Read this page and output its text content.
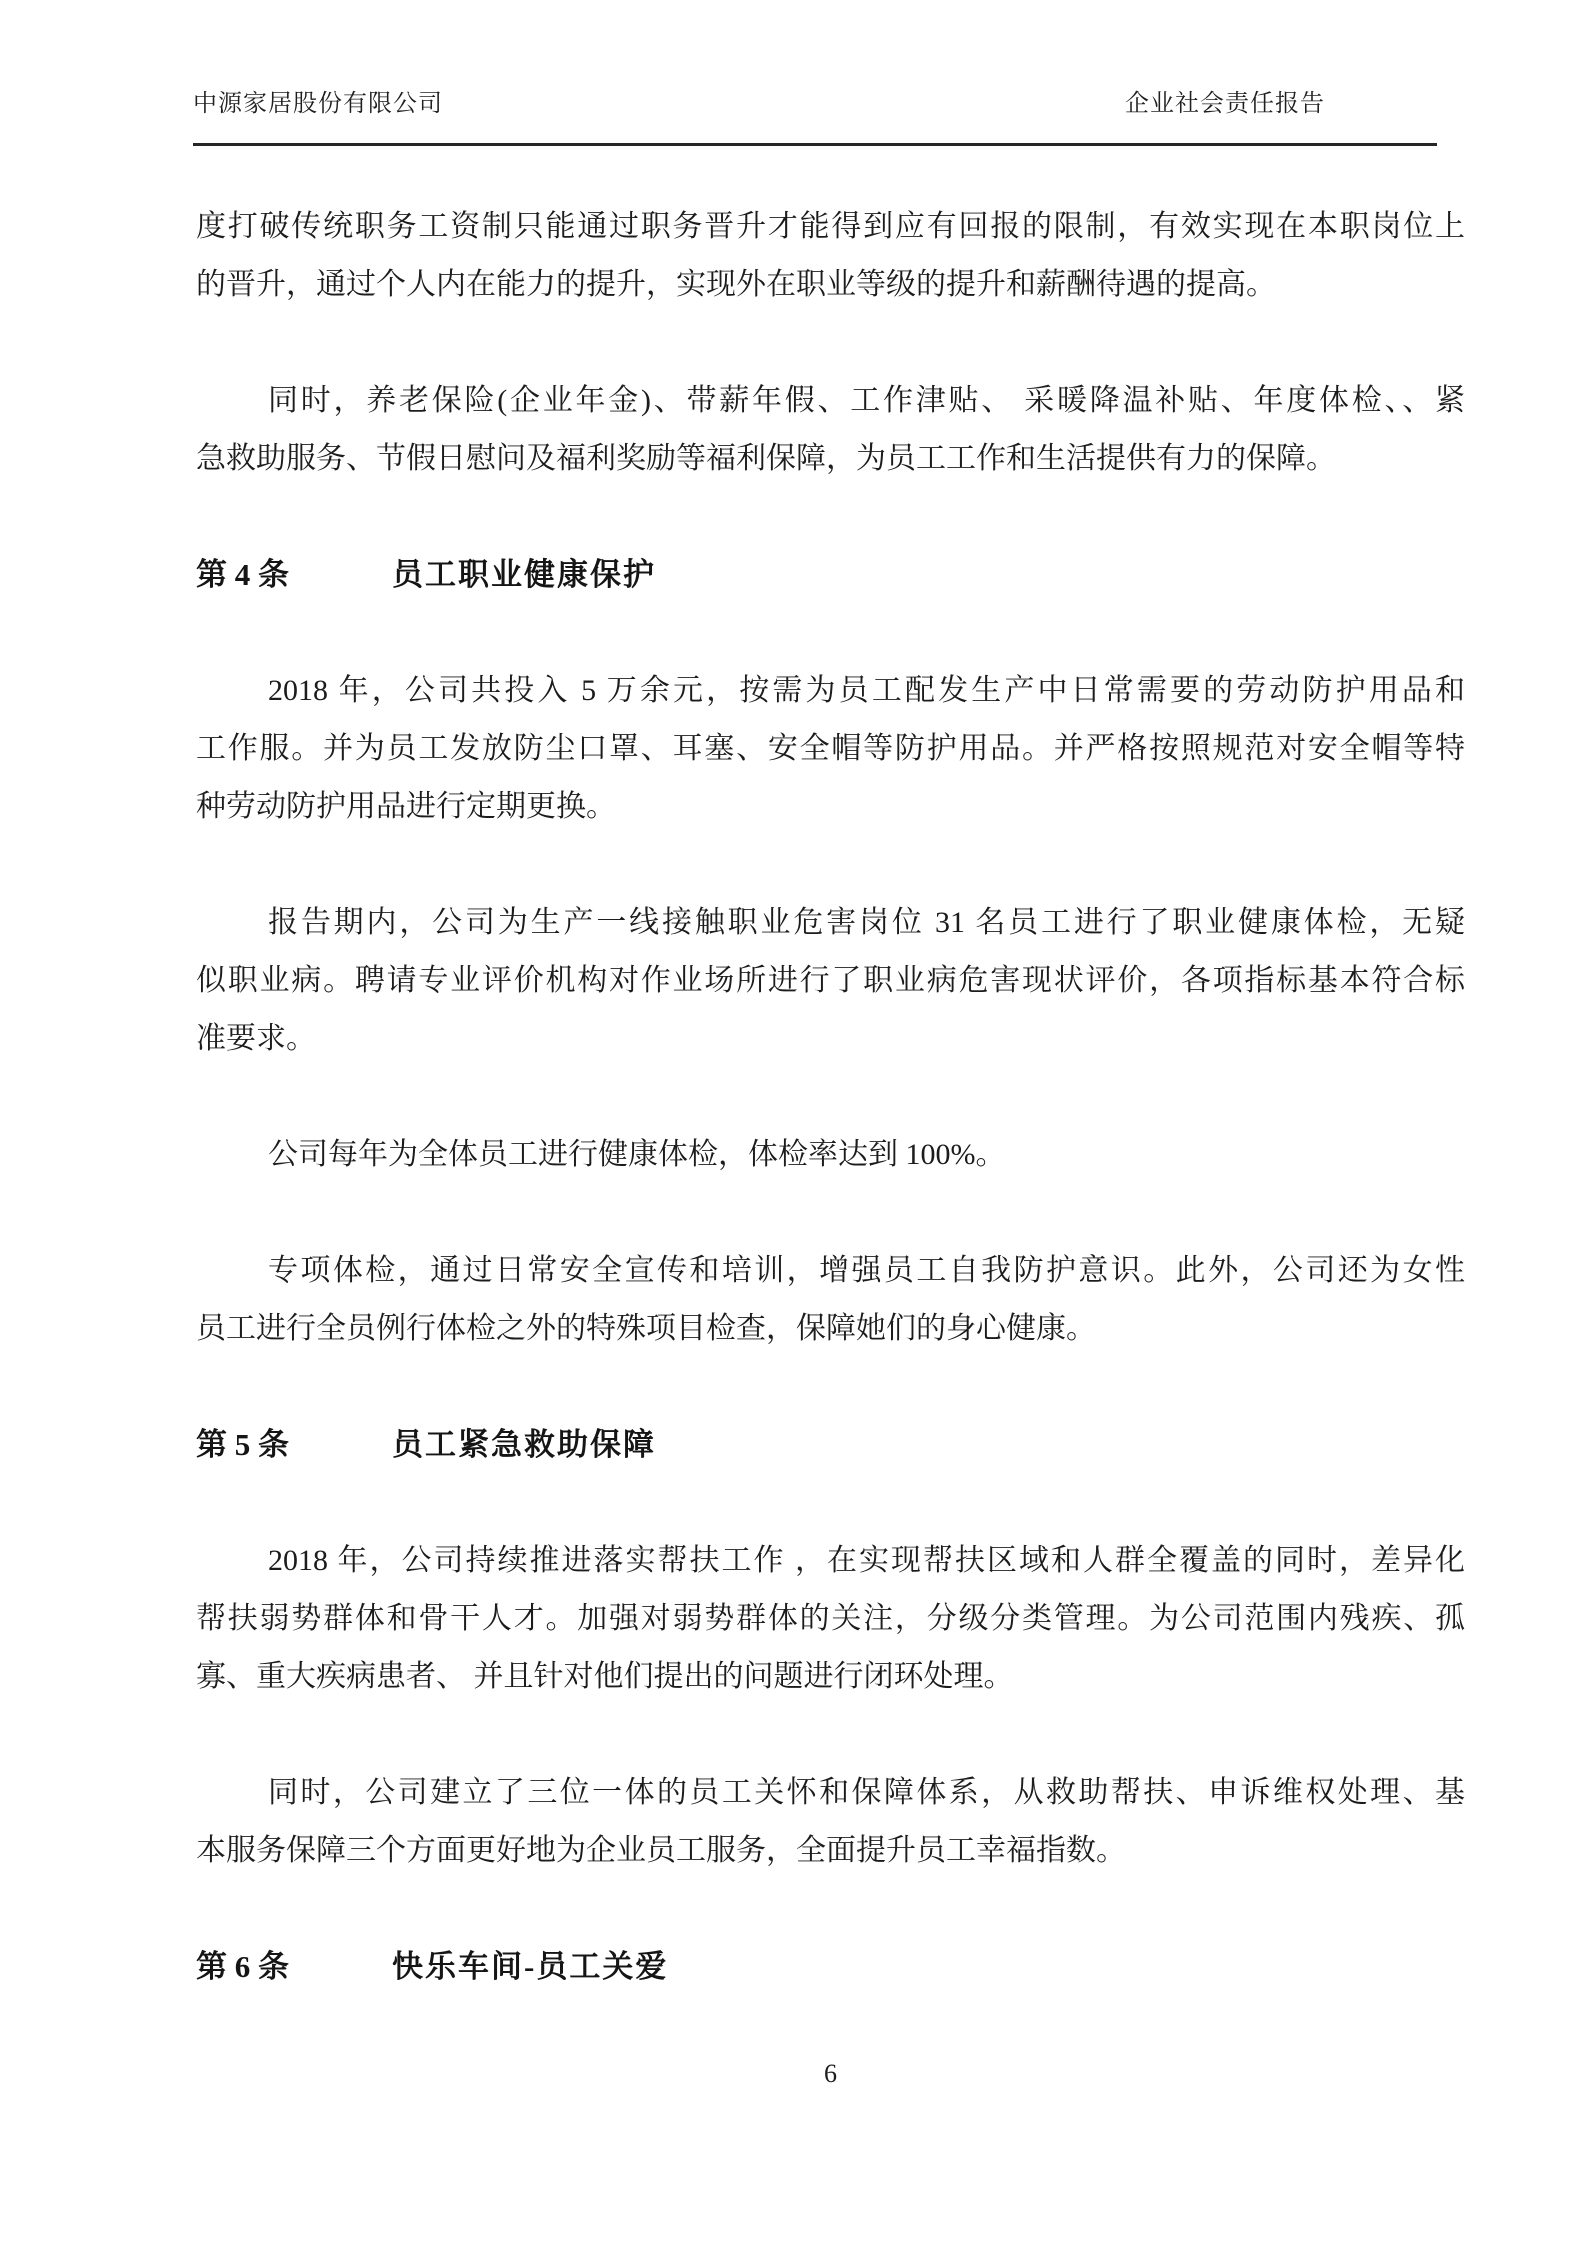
中源家居股份有限公司	企业社会责任报告
度打破传统职务工资制只能通过职务晋升才能得到应有回报的限制，有效实现在本职岗位上
的晋升，通过个人内在能力的提升，实现外在职业等级的提升和薪酬待遇的提高。
同时，养老保险(企业年金)、带薪年假、工作津贴、 采暖降温补贴、年度体检、、紧
急救助服务、节假日慰问及福利奖励等福利保障，为员工工作和生活提供有力的保障。
第 4 条	员工职业健康保护
2018 年，公司共投入 5 万余元，按需为员工配发生产中日常需要的劳动防护用品和
工作服。并为员工发放防尘口罩、耳塞、安全帽等防护用品。并严格按照规范对安全帽等特
种劳动防护用品进行定期更换。
报告期内，公司为生产一线接触职业危害岗位 31 名员工进行了职业健康体检，无疑
似职业病。聘请专业评价机构对作业场所进行了职业病危害现状评价，各项指标基本符合标
准要求。
公司每年为全体员工进行健康体检，体检率达到 100%。
专项体检，通过日常安全宣传和培训，增强员工自我防护意识。此外，公司还为女性
员工进行全员例行体检之外的特殊项目检查，保障她们的身心健康。
第 5 条	员工紧急救助保障
2018 年，公司持续推进落实帮扶工作 ，在实现帮扶区域和人群全覆盖的同时，差异化
帮扶弱势群体和骨干人才。加强对弱势群体的关注，分级分类管理。为公司范围内残疾、孤
寡、重大疾病患者、 并且针对他们提出的问题进行闭环处理。
同时，公司建立了三位一体的员工关怀和保障体系，从救助帮扶、申诉维权处理、基
本服务保障三个方面更好地为企业员工服务，全面提升员工幸福指数。
第 6 条	快乐车间-员工关爱
6
